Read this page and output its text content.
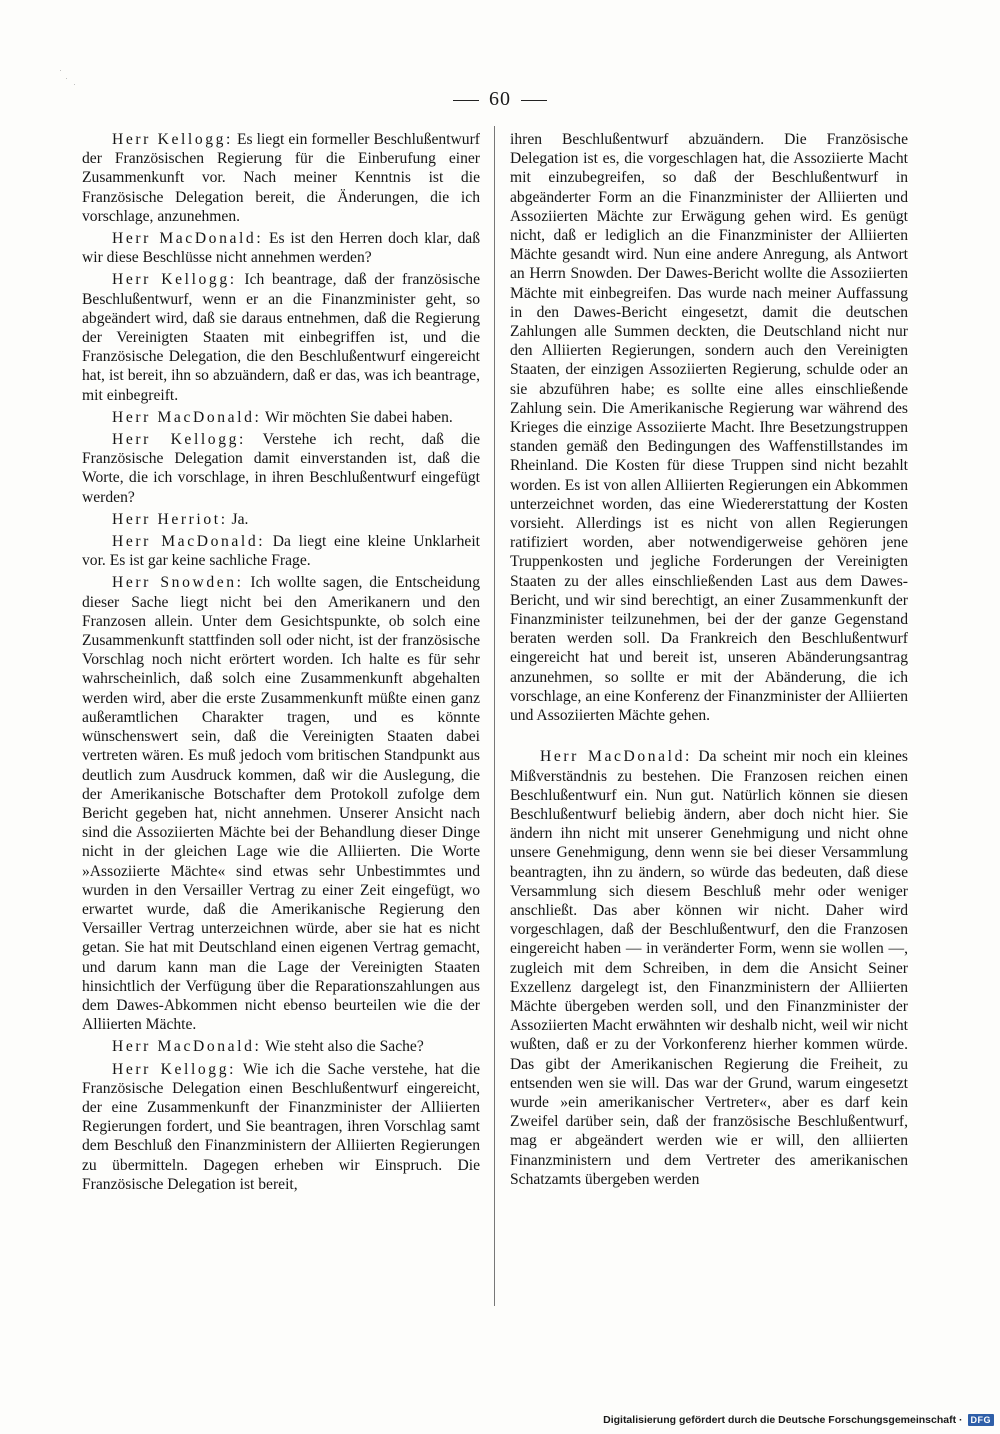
60

Herr Kellogg: Es liegt ein formeller Beschlußentwurf der Französischen Regierung für die Einberufung einer Zusammenkunft vor. Nach meiner Kenntnis ist die Französische Delegation bereit, die Änderungen, die ich vorschlage, anzunehmen.

Herr MacDonald: Es ist den Herren doch klar, daß wir diese Beschlüsse nicht annehmen werden?

Herr Kellogg: Ich beantrage, daß der französische Beschlußentwurf, wenn er an die Finanzminister geht, so abgeändert wird, daß sie daraus entnehmen, daß die Regierung der Vereinigten Staaten mit einbegriffen ist, und die Französische Delegation, die den Beschlußentwurf eingereicht hat, ist bereit, ihn so abzuändern, daß er das, was ich beantrage, mit einbegreift.

Herr MacDonald: Wir möchten Sie dabei haben.

Herr Kellogg: Verstehe ich recht, daß die Französische Delegation damit einverstanden ist, daß die Worte, die ich vorschlage, in ihren Beschlußentwurf eingefügt werden?

Herr Herriot: Ja.

Herr MacDonald: Da liegt eine kleine Unklarheit vor. Es ist gar keine sachliche Frage.

Herr Snowden: Ich wollte sagen, die Entscheidung dieser Sache liegt nicht bei den Amerikanern und den Franzosen allein. Unter dem Gesichtspunkte, ob solch eine Zusammenkunft stattfinden soll oder nicht, ist der französische Vorschlag noch nicht erörtert worden. Ich halte es für sehr wahrscheinlich, daß solch eine Zusammenkunft abgehalten werden wird, aber die erste Zusammenkunft müßte einen ganz außeramtlichen Charakter tragen, und es könnte wünschenswert sein, daß die Vereinigten Staaten dabei vertreten wären. Es muß jedoch vom britischen Standpunkt aus deutlich zum Ausdruck kommen, daß wir die Auslegung, die der Amerikanische Botschafter dem Protokoll zufolge dem Bericht gegeben hat, nicht annehmen. Unserer Ansicht nach sind die Assoziierten Mächte bei der Behandlung dieser Dinge nicht in der gleichen Lage wie die Alliierten. Die Worte »Assoziierte Mächte« sind etwas sehr Unbestimmtes und wurden in den Versailler Vertrag zu einer Zeit eingefügt, wo erwartet wurde, daß die Amerikanische Regierung den Versailler Vertrag unterzeichnen würde, aber sie hat es nicht getan. Sie hat mit Deutschland einen eigenen Vertrag gemacht, und darum kann man die Lage der Vereinigten Staaten hinsichtlich der Verfügung über die Reparationszahlungen aus dem Dawes-Abkommen nicht ebenso beurteilen wie die der Alliierten Mächte.

Herr MacDonald: Wie steht also die Sache?

Herr Kellogg: Wie ich die Sache verstehe, hat die Französische Delegation einen Beschlußentwurf eingereicht, der eine Zusammenkunft der Finanzminister der Alliierten Regierungen fordert, und Sie beantragen, ihren Vorschlag samt dem Beschluß den Finanzministern der Alliierten Regierungen zu übermitteln. Dagegen erheben wir Einspruch. Die Französische Delegation ist bereit,

ihren Beschlußentwurf abzuändern. Die Französische Delegation ist es, die vorgeschlagen hat, die Assoziierte Macht mit einzubegreifen, so daß der Beschlußentwurf in abgeänderter Form an die Finanzminister der Alliierten und Assoziierten Mächte zur Erwägung gehen wird. Es genügt nicht, daß er lediglich an die Finanzminister der Alliierten Mächte gesandt wird. Nun eine andere Anregung, als Antwort an Herrn Snowden. Der Dawes-Bericht wollte die Assoziierten Mächte mit einbegreifen. Das wurde nach meiner Auffassung in den Dawes-Bericht eingesetzt, damit die deutschen Zahlungen alle Summen deckten, die Deutschland nicht nur den Alliierten Regierungen, sondern auch den Vereinigten Staaten, der einzigen Assoziierten Regierung, schulde oder an sie abzuführen habe; es sollte eine alles einschließende Zahlung sein. Die Amerikanische Regierung war während des Krieges die einzige Assoziierte Macht. Ihre Besetzungstruppen standen gemäß den Bedingungen des Waffenstillstandes im Rheinland. Die Kosten für diese Truppen sind nicht bezahlt worden. Es ist von allen Alliierten Regierungen ein Abkommen unterzeichnet worden, das eine Wiedererstattung der Kosten vorsieht. Allerdings ist es nicht von allen Regierungen ratifiziert worden, aber notwendigerweise gehören jene Truppenkosten und jegliche Forderungen der Vereinigten Staaten zu der alles einschließenden Last aus dem Dawes-Bericht, und wir sind berechtigt, an einer Zusammenkunft der Finanzminister teilzunehmen, bei der der ganze Gegenstand beraten werden soll. Da Frankreich den Beschlußentwurf eingereicht hat und bereit ist, unseren Abänderungsantrag anzunehmen, so sollte er mit der Abänderung, die ich vorschlage, an eine Konferenz der Finanzminister der Alliierten und Assoziierten Mächte gehen.

Herr MacDonald: Da scheint mir noch ein kleines Mißverständnis zu bestehen. Die Franzosen reichen einen Beschlußentwurf ein. Nun gut. Natürlich können sie diesen Beschlußentwurf beliebig ändern, aber doch nicht hier. Sie ändern ihn nicht mit unserer Genehmigung und nicht ohne unsere Genehmigung, denn wenn sie bei dieser Versammlung beantragten, ihn zu ändern, so würde das bedeuten, daß diese Versammlung sich diesem Beschluß mehr oder weniger anschließt. Das aber können wir nicht. Daher wird vorgeschlagen, daß der Beschlußentwurf, den die Franzosen eingereicht haben — in veränderter Form, wenn sie wollen —, zugleich mit dem Schreiben, in dem die Ansicht Seiner Exzellenz dargelegt ist, den Finanzministern der Alliierten Mächte übergeben werden soll, und den Finanzminister der Assoziierten Macht erwähnten wir deshalb nicht, weil wir nicht wußten, daß er zu der Vorkonferenz hierher kommen würde. Das gibt der Amerikanischen Regierung die Freiheit, zu entsenden wen sie will. Das war der Grund, warum eingesetzt wurde »ein amerikanischer Vertreter«, aber es darf kein Zweifel darüber sein, daß der französische Beschlußentwurf, mag er abgeändert werden wie er will, den alliierten Finanzministern und dem Vertreter des amerikanischen Schatzamts übergeben werden

Digitalisierung gefördert durch die Deutsche Forschungsgemeinschaft · DFG
